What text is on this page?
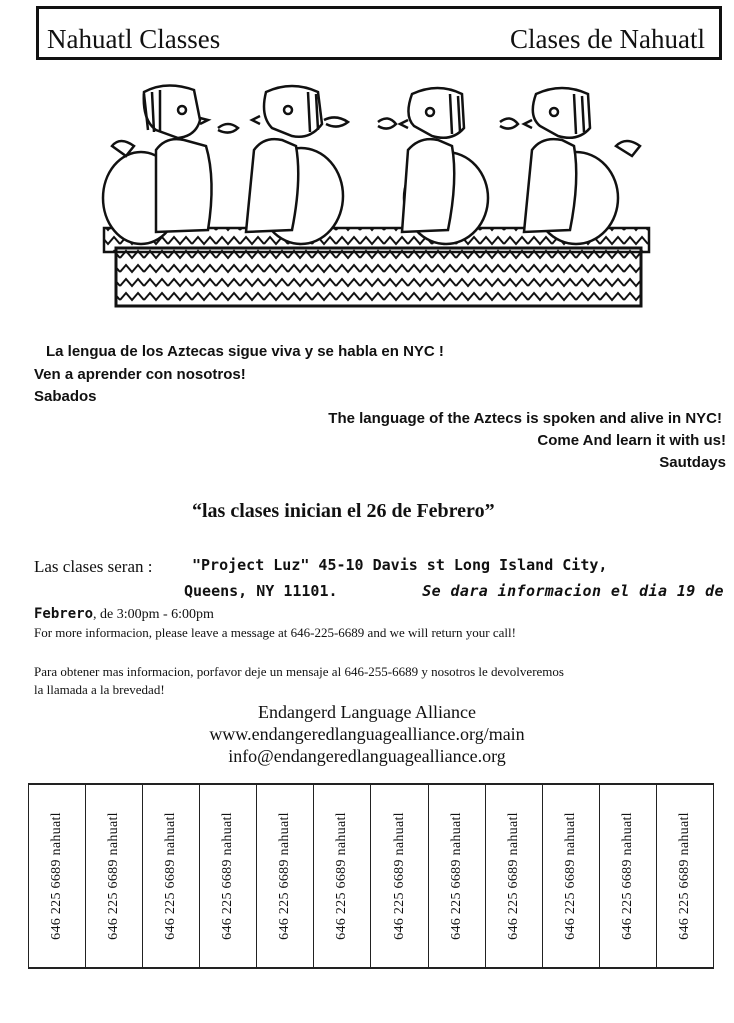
Nahuatl Classes	Clases de Nahuatl
La lengua de los Aztecas sigue viva y se habla en NYC !
Ven a aprender con nosotros!
Sabados
The language of the Aztecs is spoken and alive in NYC!
Come And learn it with us!
Sautdays
“las clases inician el 26 de Febrero”
Las clases seran :	"Project Luz" 45-10 Davis st Long Island City,
Queens, NY 11101.	Se dara informacion el dia 19 de
Febrero, de 3:00pm - 6:00pm
For more informacion, please leave a message at 646-225-6689 and we will return your call!
Para obtener mas informacion, porfavor deje un mensaje al 646-255-6689 y nosotros le devolveremos
la llamada a la brevedad!
Endangerd Language Alliance
www.endangeredlanguagealliance.org/main
info@endangeredlanguagealliance.org
646 225 6689 nahuatl	646 225 6689 nahuatl	646 225 6689 nahuatl	646 225 6689 nahuatl	646 225 6689 nahuatl	646 225 6689 nahuatl	646 225 6689 nahuatl	646 225 6689 nahuatl	646 225 6689 nahuatl	646 225 6689 nahuatl	646 225 6689 nahuatl	646 225 6689 nahuatl
